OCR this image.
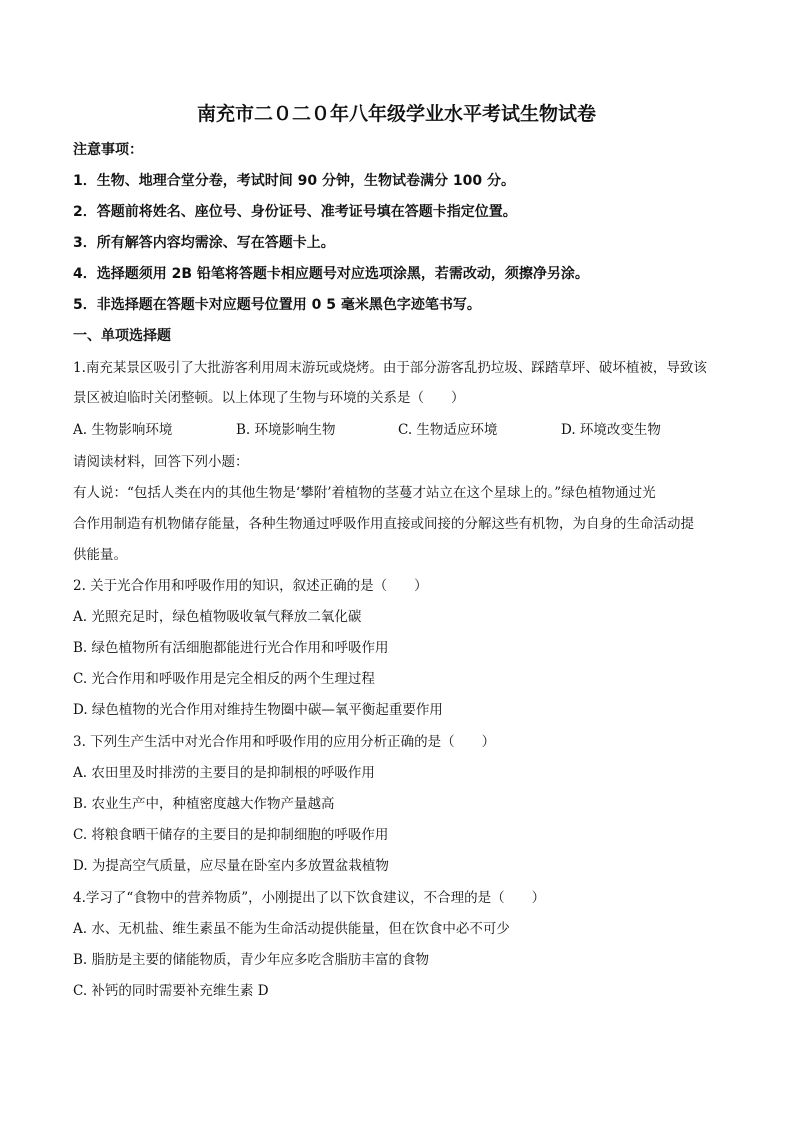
南充市二０二０年八年级学业水平考试生物试卷
注意事项：
1．生物、地理合堂分卷，考试时间 90 分钟，生物试卷满分 100 分。
2．答题前将姓名、座位号、身份证号、准考证号填在答题卡指定位置。
3．所有解答内容均需涂、写在答题卡上。
4．选择题须用 2B 铅笔将答题卡相应题号对应选项涂黑，若需改动，须擦净另涂。
5．非选择题在答题卡对应题号位置用 0 5 毫米黑色字迹笔书写。
一、单项选择题
1.南充某景区吸引了大批游客利用周末游玩或烧烤。由于部分游客乱扔垃圾、踩踏草坪、破坏植被，导致该
景区被迫临时关闭整顿。以上体现了生物与环境的关系是（　　）
A. 生物影响环境	B. 环境影响生物	C. 生物适应环境	D. 环境改变生物
请阅读材料，回答下列小题：
有人说：“包括人类在内的其他生物是‘攀附’着植物的茎蔓才站立在这个星球上的。”绿色植物通过光
合作用制造有机物储存能量，各种生物通过呼吸作用直接或间接的分解这些有机物，为自身的生命活动提
供能量。
2. 关于光合作用和呼吸作用的知识，叙述正确的是（　　）
A. 光照充足时，绿色植物吸收氧气释放二氧化碳
B. 绿色植物所有活细胞都能进行光合作用和呼吸作用
C. 光合作用和呼吸作用是完全相反的两个生理过程
D. 绿色植物的光合作用对维持生物圈中碳—氧平衡起重要作用
3. 下列生产生活中对光合作用和呼吸作用的应用分析正确的是（　　）
A. 农田里及时排涝的主要目的是抑制根的呼吸作用
B. 农业生产中，种植密度越大作物产量越高
C. 将粮食晒干储存的主要目的是抑制细胞的呼吸作用
D. 为提高空气质量，应尽量在卧室内多放置盆栽植物
4.学习了“食物中的营养物质”，小刚提出了以下饮食建议，不合理的是（　　）
A. 水、无机盐、维生素虽不能为生命活动提供能量，但在饮食中必不可少
B. 脂肪是主要的储能物质，青少年应多吃含脂肪丰富的食物
C. 补钙的同时需要补充维生素 D
